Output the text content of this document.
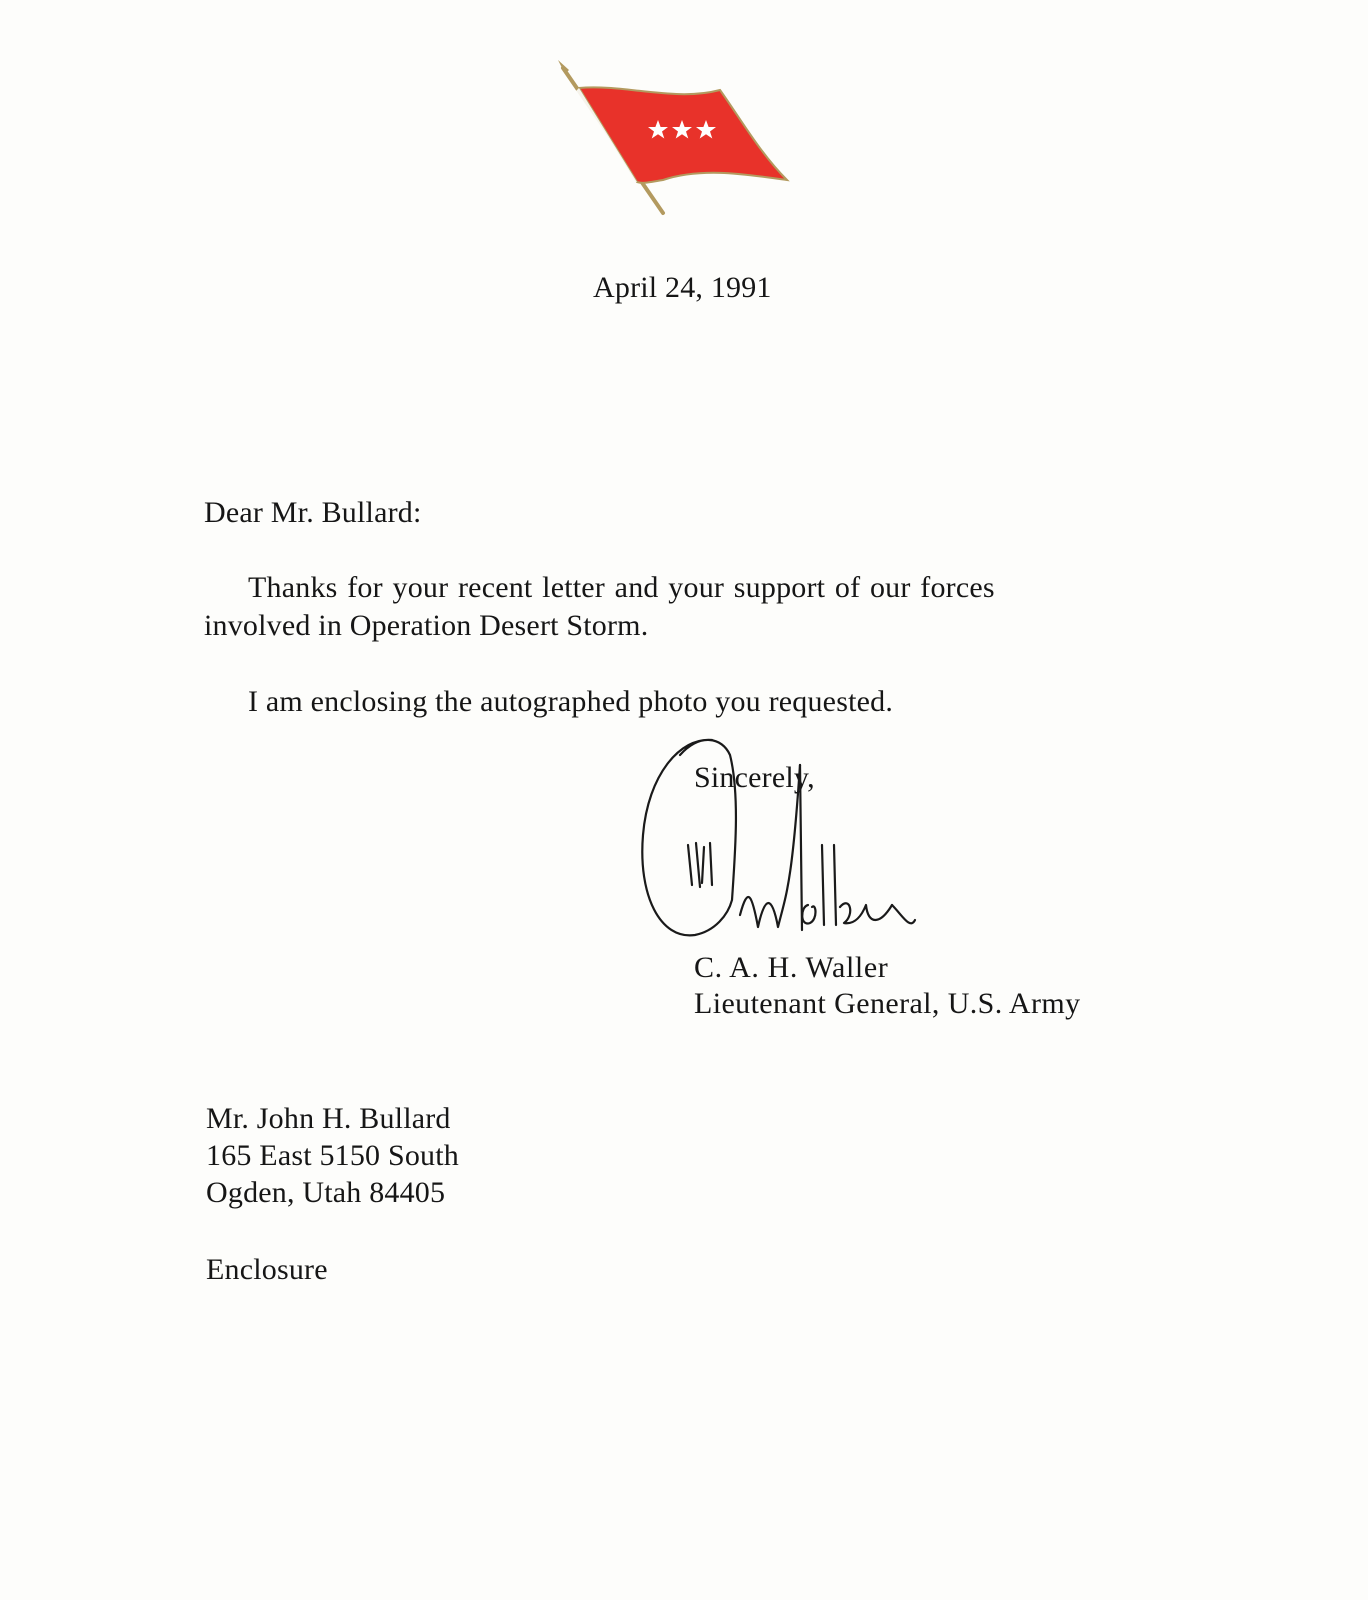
April 24, 1991
Dear Mr. Bullard:
Thanks for your recent letter and your support of our forces
involved in Operation Desert Storm.
I am enclosing the autographed photo you requested.
Sincerely,
C. A. H. Waller
Lieutenant General, U.S. Army
Mr. John H. Bullard
165 East 5150 South
Ogden, Utah 84405
Enclosure
